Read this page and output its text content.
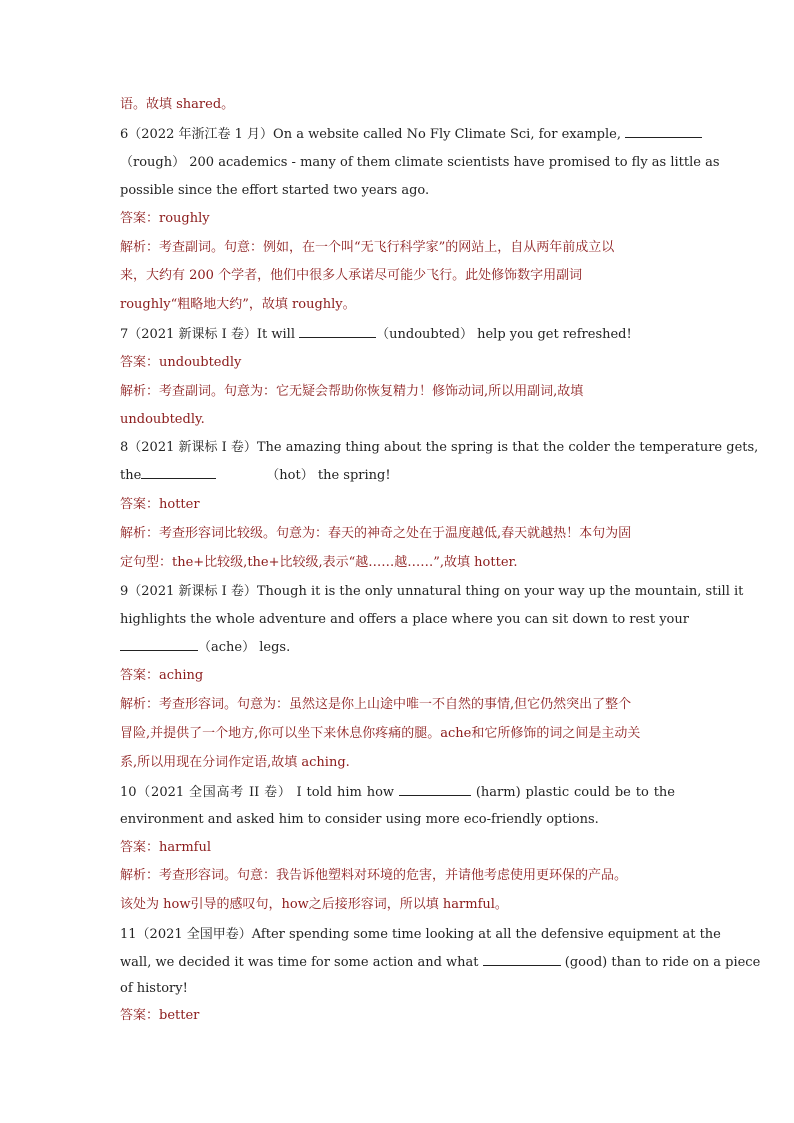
语。故填 shared。
6（2022 年浙江卷 1 月）On a website called No Fly Climate Sci, for example,
（rough） 200 academics - many of them climate scientists have promised to fly as little as
possible since the effort started two years ago.
答案：roughly
解析：考查副词。句意：例如，在一个叫“无飞行科学家”的网站上，自从两年前成立以
来，大约有 200 个学者，他们中很多人承诺尽可能少飞行。此处修饰数字用副词
roughly“粗略地大约”，故填 roughly。
7（2021 新课标 I 卷）It will	（undoubted） help you get refreshed!
答案：undoubtedly
解析：考查副词。句意为：它无疑会帮助你恢复精力！修饰动词,所以用副词,故填
undoubtedly.
8（2021 新课标 I 卷）The amazing thing about the spring is that the colder the temperature gets,
the	（hot） the spring!
答案：hotter
解析：考查形容词比较级。句意为：春天的神奇之处在于温度越低,春天就越热！本句为固
定句型：the+比较级,the+比较级,表示“越……越……”,故填 hotter.
9（2021 新课标 I 卷）Though it is the only unnatural thing on your way up the mountain, still it
highlights the whole adventure and offers a place where you can sit down to rest your
（ache） legs.
答案：aching
解析：考查形容词。句意为：虽然这是你上山途中唯一不自然的事情,但它仍然突出了整个
冒险,并提供了一个地方,你可以坐下来休息你疼痛的腿。ache和它所修饰的词之间是主动关
系,所以用现在分词作定语,故填 aching.
10（2021 全国高考 II 卷） I told him how	(harm) plastic could be to the
environment and asked him to consider using more eco-friendly options.
答案：harmful
解析：考查形容词。句意：我告诉他塑料对环境的危害，并请他考虑使用更环保的产品。
该处为 how引导的感叹句，how之后接形容词，所以填 harmful。
11（2021 全国甲卷）After spending some time looking at all the defensive equipment at the
wall, we decided it was time for some action and what	(good) than to ride on a piece
of history!
答案：better
